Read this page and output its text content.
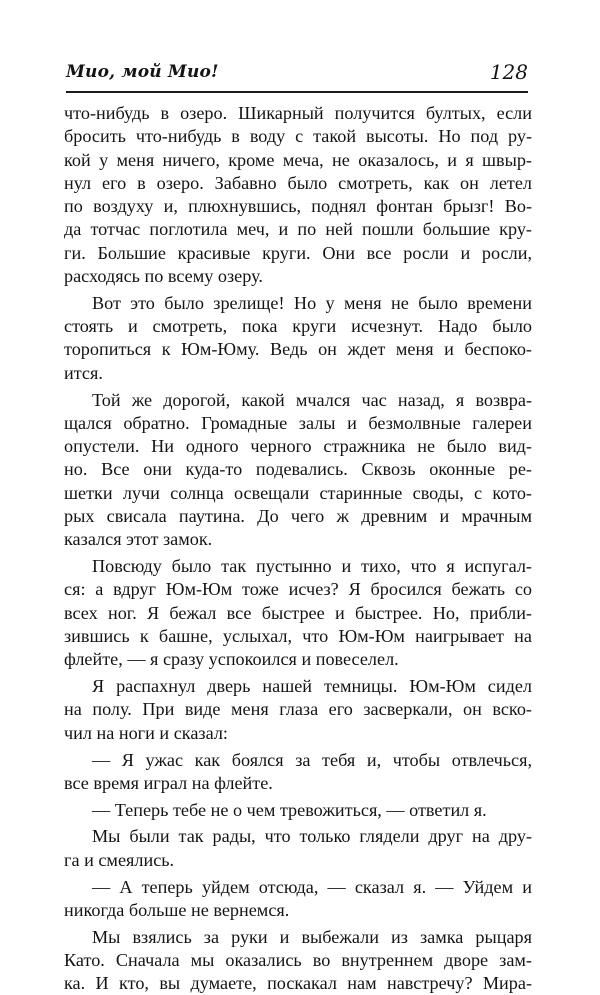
Мио, мой Мио!	128
что-нибудь в озеро. Шикарный получится бултых, если
бросить что-нибудь в воду с такой высоты. Но под ру-
кой у меня ничего, кроме меча, не оказалось, и я швыр-
нул его в озеро. Забавно было смотреть, как он летел
по воздуху и, плюхнувшись, поднял фонтан брызг! Во-
да тотчас поглотила меч, и по ней пошли большие кру-
ги. Большие красивые круги. Они все росли и росли,
расходясь по всему озеру.
Вот это было зрелище! Но у меня не было времени
стоять и смотреть, пока круги исчезнут. Надо было
торопиться к Юм-Юму. Ведь он ждет меня и беспоко-
ится.
Той же дорогой, какой мчался час назад, я возвра-
щался обратно. Громадные залы и безмолвные галереи
опустели. Ни одного черного стражника не было вид-
но. Все они куда-то подевались. Сквозь оконные ре-
шетки лучи солнца освещали старинные своды, с кото-
рых свисала паутина. До чего ж древним и мрачным
казался этот замок.
Повсюду было так пустынно и тихо, что я испугал-
ся: а вдруг Юм-Юм тоже исчез? Я бросился бежать со
всех ног. Я бежал все быстрее и быстрее. Но, прибли-
зившись к башне, услыхал, что Юм-Юм наигрывает на
флейте, — я сразу успокоился и повеселел.
Я распахнул дверь нашей темницы. Юм-Юм сидел
на полу. При виде меня глаза его засверкали, он вско-
чил на ноги и сказал:
— Я ужас как боялся за тебя и, чтобы отвлечься,
все время играл на флейте.
— Теперь тебе не о чем тревожиться, — ответил я.
Мы были так рады, что только глядели друг на дру-
га и смеялись.
— А теперь уйдем отсюда, — сказал я. — Уйдем и
никогда больше не вернемся.
Мы взялись за руки и выбежали из замка рыцаря
Като. Сначала мы оказались во внутреннем дворе зам-
ка. И кто, вы думаете, поскакал нам навстречу? Мира-
